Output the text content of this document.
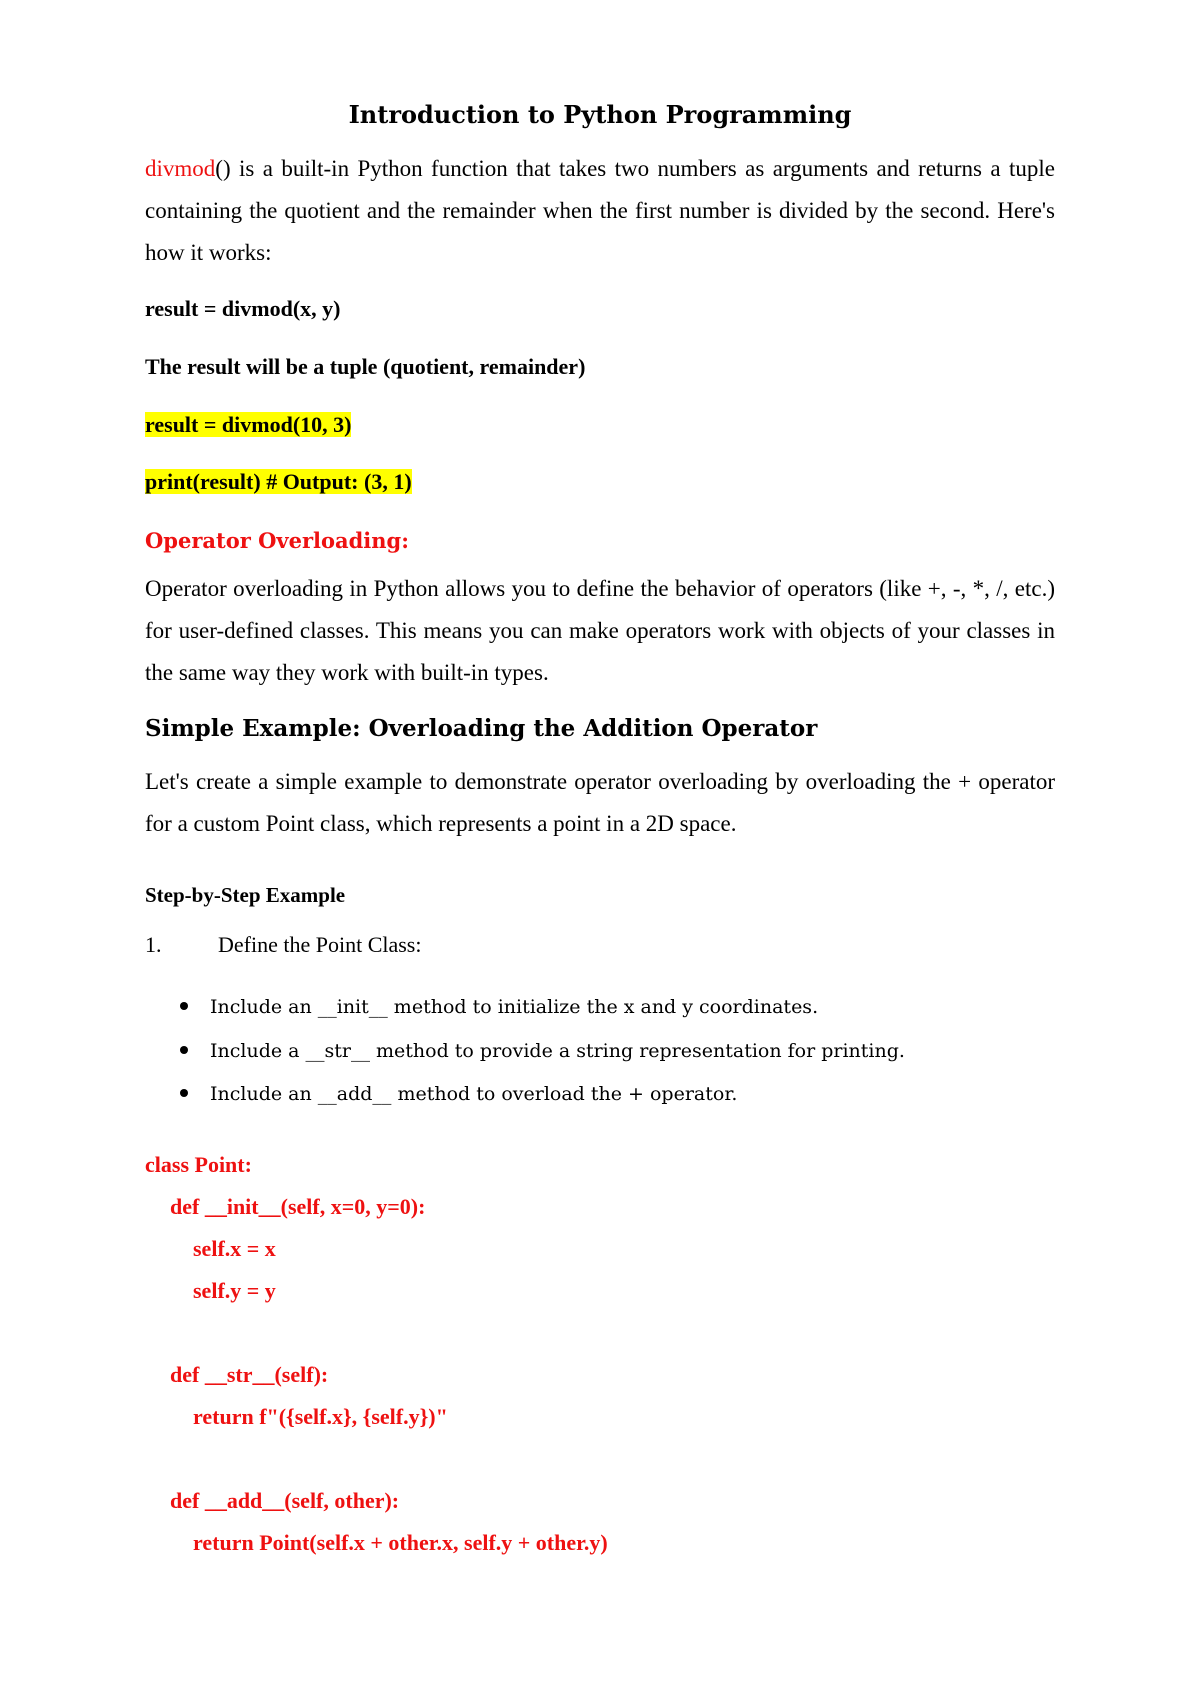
Introduction to Python Programming

divmod() is a built-in Python function that takes two numbers as arguments and returns a tuple containing the quotient and the remainder when the first number is divided by the second. Here's how it works:

result = divmod(x, y)

The result will be a tuple (quotient, remainder)

result = divmod(10, 3)

print(result) # Output: (3, 1)

Operator Overloading:

Operator overloading in Python allows you to define the behavior of operators (like +, -, *, /, etc.) for user-defined classes. This means you can make operators work with objects of your classes in the same way they work with built-in types.

Simple Example: Overloading the Addition Operator

Let's create a simple example to demonstrate operator overloading by overloading the + operator for a custom Point class, which represents a point in a 2D space.

Step-by-Step Example

1.	Define the Point Class:
Include an __init__ method to initialize the x and y coordinates.
Include a __str__ method to provide a string representation for printing.
Include an __add__ method to overload the + operator.

class Point:

def __init__(self, x=0, y=0):

self.x = x

self.y = y

def __str__(self):

return f"({self.x}, {self.y})"

def __add__(self, other):

return Point(self.x + other.x, self.y + other.y)
